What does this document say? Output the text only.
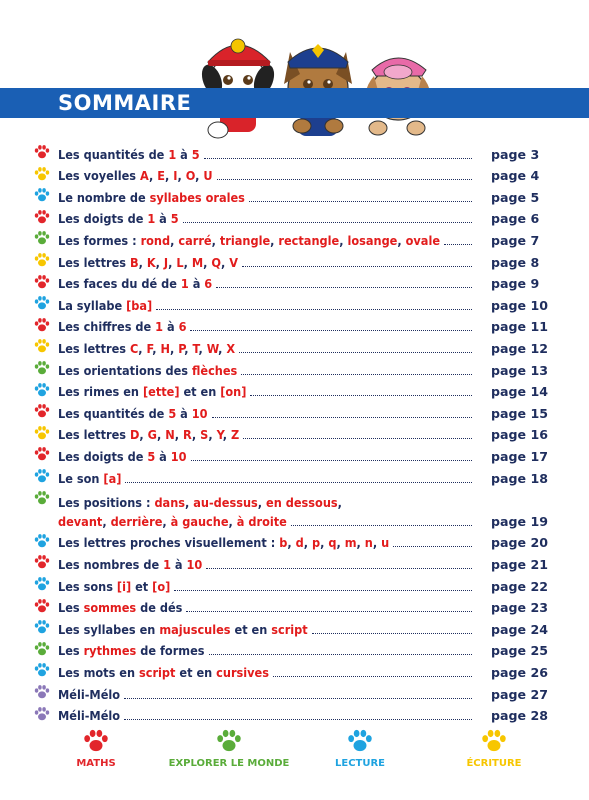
SOMMAIRE
Les quantités de 1 à 5	page 3
Les voyelles A, E, I, O, U	page 4
Le nombre de syllabes orales	page 5
Les doigts de 1 à 5	page 6
Les formes : rond, carré, triangle, rectangle, losange, ovale	page 7
Les lettres B, K, J, L, M, Q, V	page 8
Les faces du dé de 1 à 6	page 9
La syllabe [ba]	page 10
Les chiffres de 1 à 6	page 11
Les lettres C, F, H, P, T, W, X	page 12
Les orientations des flèches	page 13
Les rimes en [ette] et en [on]	page 14
Les quantités de 5 à 10	page 15
Les lettres D, G, N, R, S, Y, Z	page 16
Les doigts de 5 à 10	page 17
Le son [a]	page 18
Les positions : dans, au-dessus, en dessous,
devant, derrière, à gauche, à droite	page 19
Les lettres proches visuellement : b, d, p, q, m, n, u	page 20
Les nombres de 1 à 10	page 21
Les sons [i] et [o]	page 22
Les sommes de dés	page 23
Les syllabes en majuscules et en script	page 24
Les rythmes de formes	page 25
Les mots en script et en cursives	page 26
Méli-Mélo	page 27
Méli-Mélo	page 28
MATHS	EXPLORER LE MONDE	LECTURE	ÉCRITURE
